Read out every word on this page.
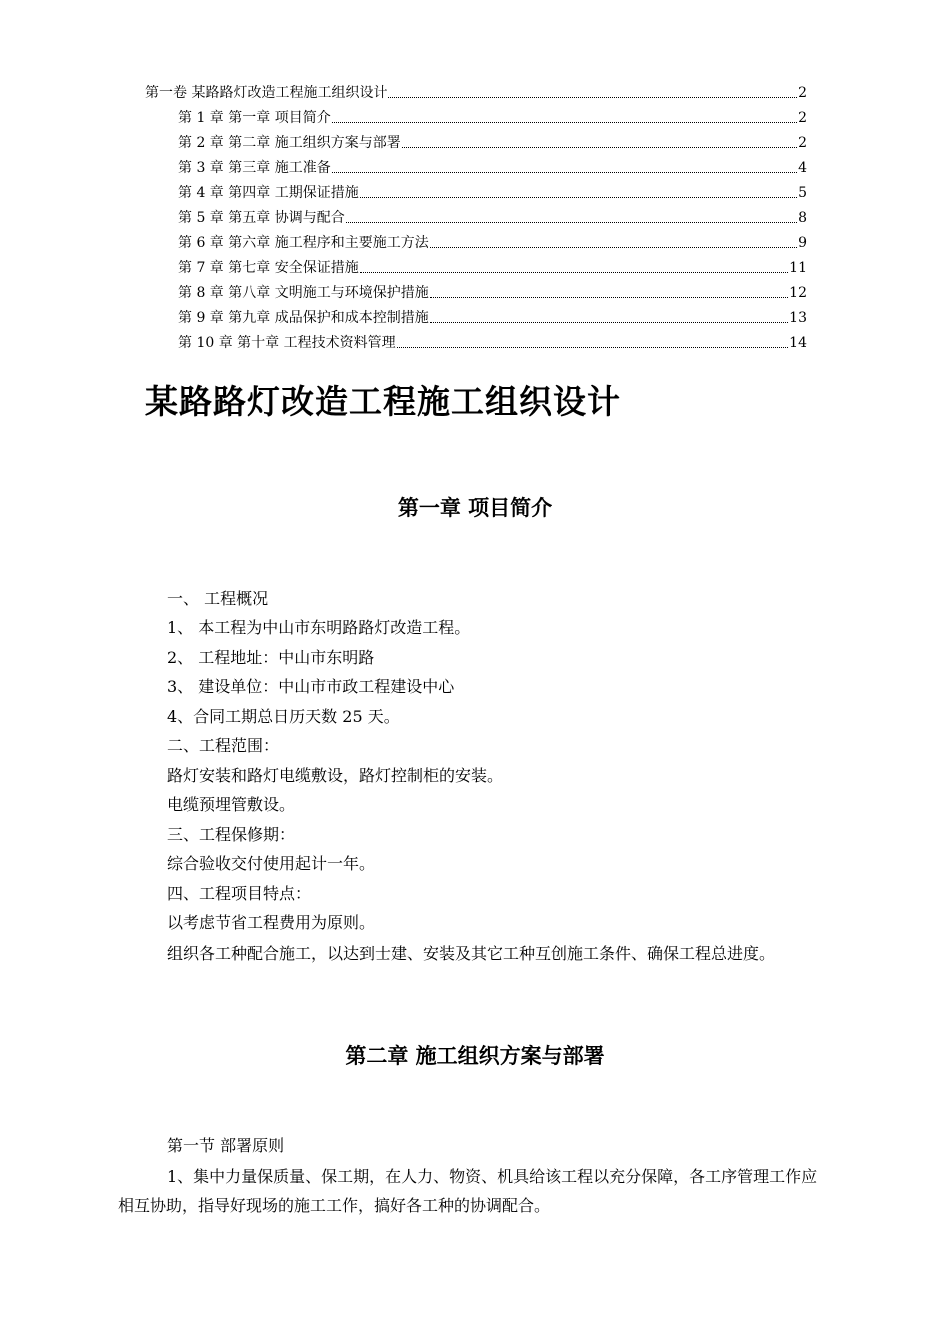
第一卷 某路路灯改造工程施工组织设计	2
第 1 章 第一章 项目简介	2
第 2 章 第二章 施工组织方案与部署	2
第 3 章 第三章 施工准备	4
第 4 章 第四章 工期保证措施	5
第 5 章 第五章 协调与配合	8
第 6 章 第六章 施工程序和主要施工方法	9
第 7 章 第七章 安全保证措施	11
第 8 章 第八章 文明施工与环境保护措施	12
第 9 章 第九章 成品保护和成本控制措施	13
第 10 章 第十章 工程技术资料管理	14
某路路灯改造工程施工组织设计
第一章 项目简介

一、 工程概况

1、 本工程为中山市东明路路灯改造工程。

2、 工程地址：中山市东明路

3、 建设单位：中山市市政工程建设中心

4、合同工期总日历天数 25 天。

二、工程范围：

路灯安装和路灯电缆敷设，路灯控制柜的安装。

电缆预埋管敷设。

三、工程保修期：

综合验收交付使用起计一年。

四、工程项目特点：

以考虑节省工程费用为原则。

组织各工种配合施工，以达到士建、安装及其它工种互创施工条件、确保工程总进度。

第二章 施工组织方案与部署

第一节 部署原则

1、集中力量保质量、保工期，在人力、物资、机具给该工程以充分保障，各工序管理工作应相互协助，指导好现场的施工工作，搞好各工种的协调配合。
